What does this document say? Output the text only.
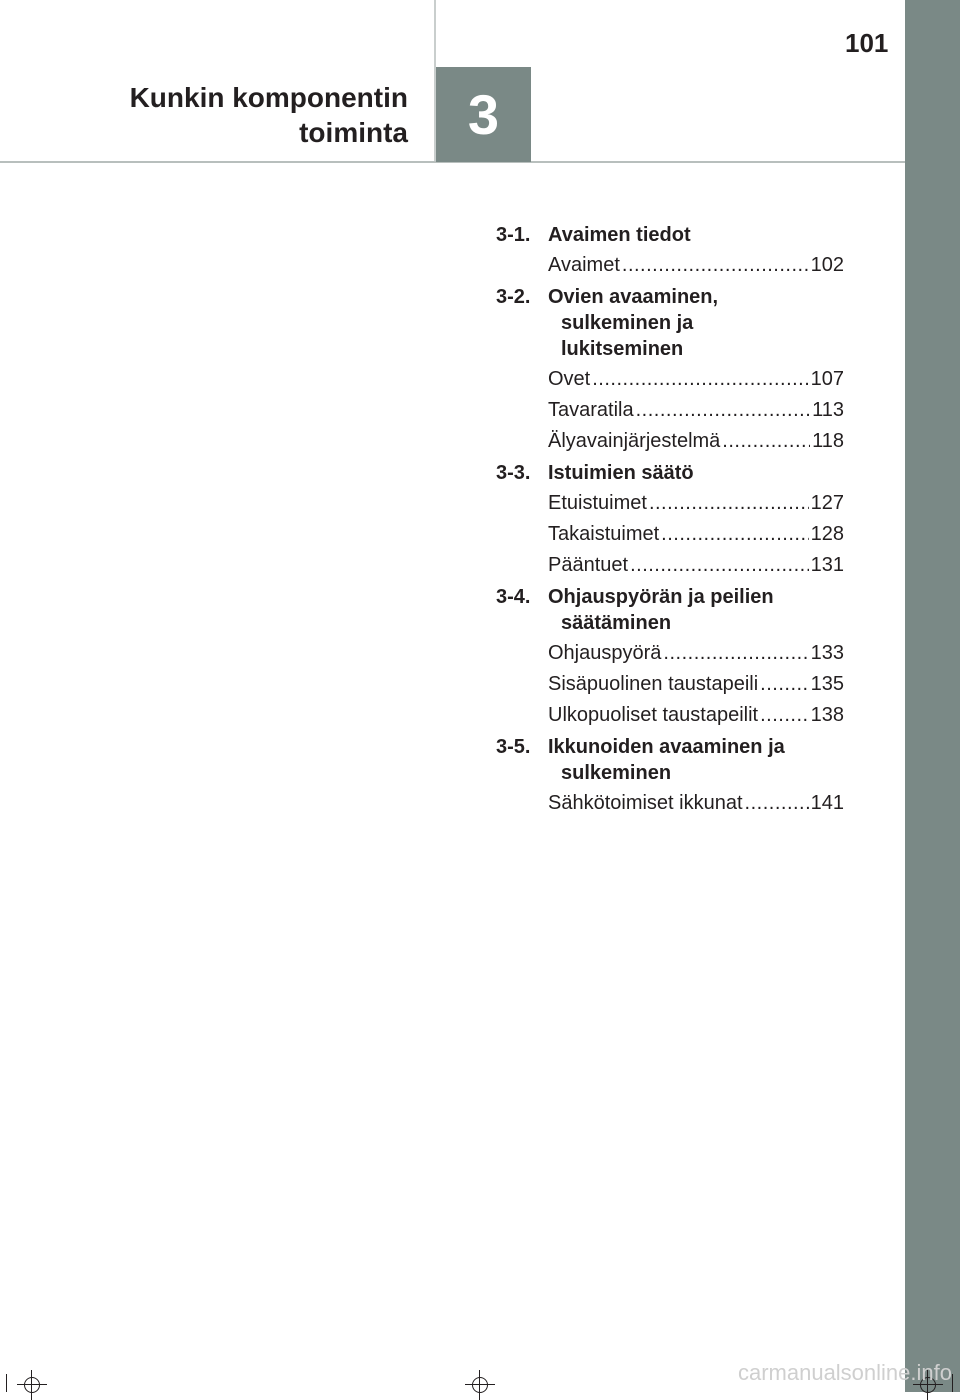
Kunkin komponentin
toiminta 3
101
3-1. Avaimen tiedot
Avaimet .....	102
3-2. Ovien avaaminen,
sulkeminen ja
lukitseminen
Ovet .....	107
Tavaratila .....	113
Älyavainjärjestelmä .....	118
3-3. Istuimien säätö
Etuistuimet .....	127
Takaistuimet .....	128
Pääntuet .....	131
3-4. Ohjauspyörän ja peilien
säätäminen
Ohjauspyörä .....	133
Sisäpuolinen taustapeili .....	135
Ulkopuoliset taustapeilit .....	138
3-5. Ikkunoiden avaaminen ja
sulkeminen
Sähkötoimiset ikkunat .....	141
carmanualsonline.info
